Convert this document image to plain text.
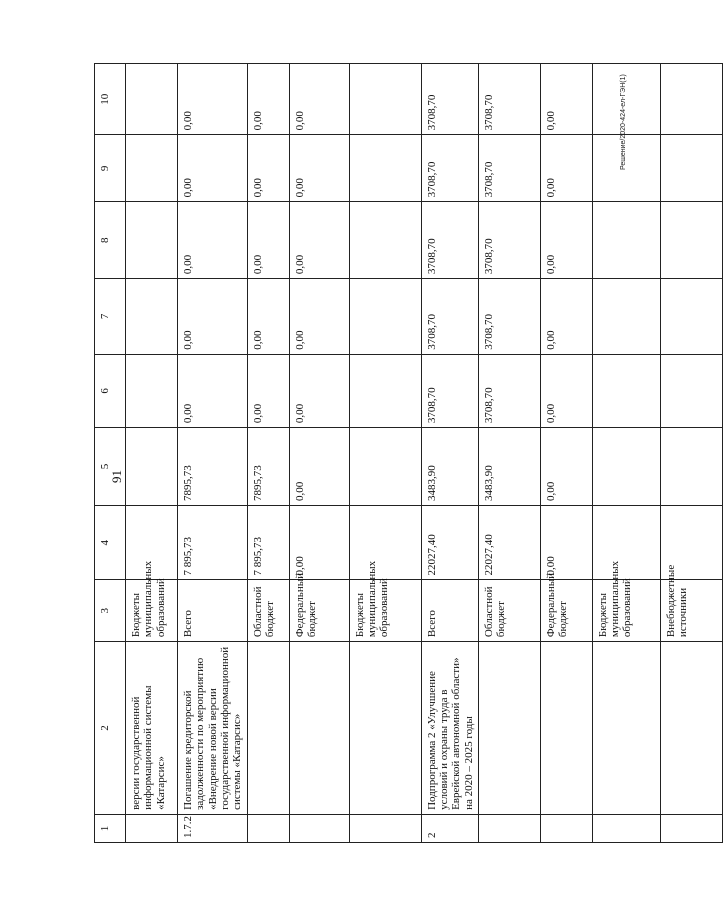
91
1	2	3	4	5	6	7	8	9	10
	версии государственной информационной системы «Катарсис»	Бюджеты муниципальных образований							
1.7.2	Погашение кредиторской задолженности по мероприятию «Внедрение новой версии государственной информационной системы «Катарсис»	Всего	7 895,73	7895,73	0,00	0,00	0,00	0,00	0,00
		Областной бюджет	7 895,73	7895,73	0,00	0,00	0,00	0,00	0,00
		Федеральный бюджет	0,00	0,00	0,00	0,00	0,00	0,00	0,00
		Бюджеты муниципальных образований							
2	Подпрограмма 2 «Улучшение условий и охраны труда в Еврейской автономной области» на 2020 – 2025 годы	Всего	22027,40	3483,90	3708,70	3708,70	3708,70	3708,70	3708,70
		Областной бюджет	22027,40	3483,90	3708,70	3708,70	3708,70	3708,70	3708,70
		Федеральный бюджет	0,00	0,00	0,00	0,00	0,00	0,00	0,00
		Бюджеты муниципальных образований							
		Внебюджетные источники							
Решение/2020-424-ел-ГЭН(1)
